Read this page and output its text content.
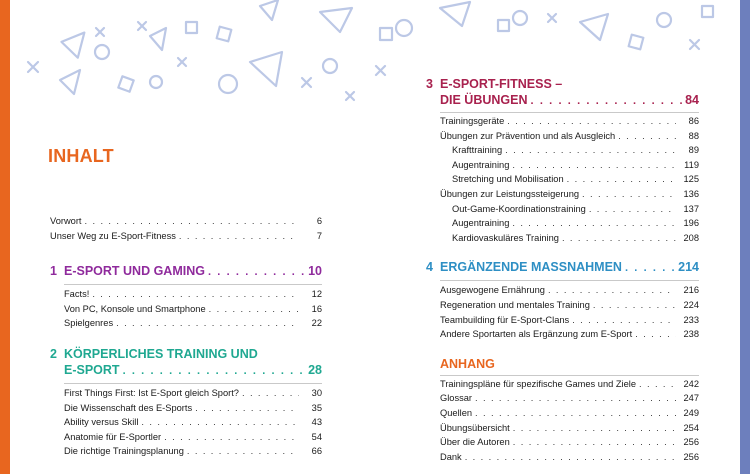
INHALT
Vorwort . . .	6
Unser Weg zu E-Sport-Fitness . . .	7
1 E-SPORT UND GAMING . . .	10
Facts! . . .	12
Von PC, Konsole und Smartphone . . .	16
Spielgenres . . .	22
2 KÖRPERLICHES TRAINING UND
E-SPORT . . .	28
First Things First: Ist E-Sport gleich Sport? . . .	30
Die Wissenschaft des E-Sports . . .	35
Ability versus Skill . . .	43
Anatomie für E-Sportler . . .	54
Die richtige Trainingsplanung . . .	66
3 E-SPORT-FITNESS –
DIE ÜBUNGEN . . .	84
Trainingsgeräte . . .	86
Übungen zur Prävention und als Ausgleich . . .	88
Krafttraining . . .	89
Augentraining . . .	119
Stretching und Mobilisation . . .	125
Übungen zur Leistungssteigerung . . .	136
Out-Game-Koordinationstraining . . .	137
Augentraining . . .	196
Kardiovaskuläres Training . . .	208
4 ERGÄNZENDE MASSNAHMEN . . .	214
Ausgewogene Ernährung . . .	216
Regeneration und mentales Training . . .	224
Teambuilding für E-Sport-Clans . . .	233
Andere Sportarten als Ergänzung zum E-Sport . . .	238
ANHANG
Trainingspläne für spezifische Games und Ziele . . .	242
Glossar . . .	247
Quellen . . .	249
Übungsübersicht . . .	254
Über die Autoren . . .	256
Dank . . .	256
